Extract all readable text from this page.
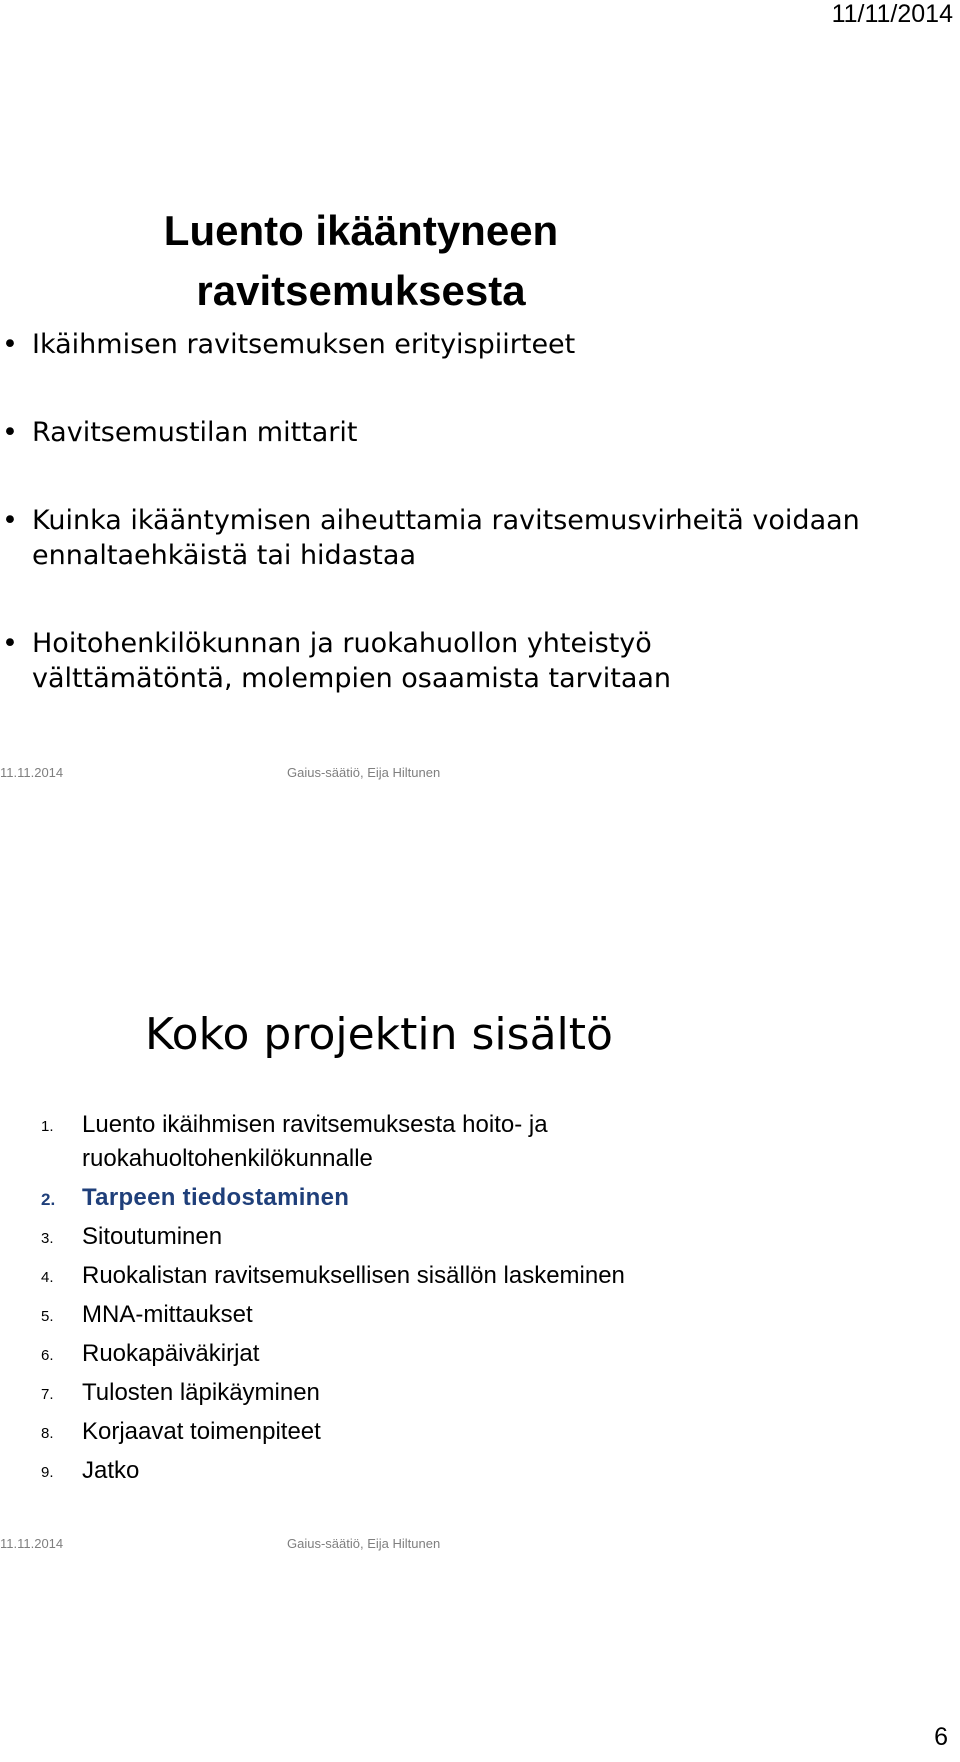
11/11/2014
Luento ikääntyneen ravitsemuksesta
• Ikäihmisen ravitsemuksen erityispiirteet
• Ravitsemustilan mittarit
• Kuinka ikääntymisen aiheuttamia ravitsemusvirheitä voidaan ennaltaehkäistä tai hidastaa
• Hoitohenkilökunnan ja ruokahuollon yhteistyö välttämätöntä, molempien osaamista tarvitaan
11.11.2014	Gaius-säätiö, Eija Hiltunen
Koko projektin sisältö
1. Luento ikäihmisen ravitsemuksesta hoito- ja ruokahuoltohenkilökunnalle
2. Tarpeen tiedostaminen
3. Sitoutuminen
4. Ruokalistan ravitsemuksellisen sisällön laskeminen
5. MNA-mittaukset
6. Ruokapäiväkirjat
7. Tulosten läpikäyminen
8. Korjaavat toimenpiteet
9. Jatko
11.11.2014	Gaius-säätiö, Eija Hiltunen
6
